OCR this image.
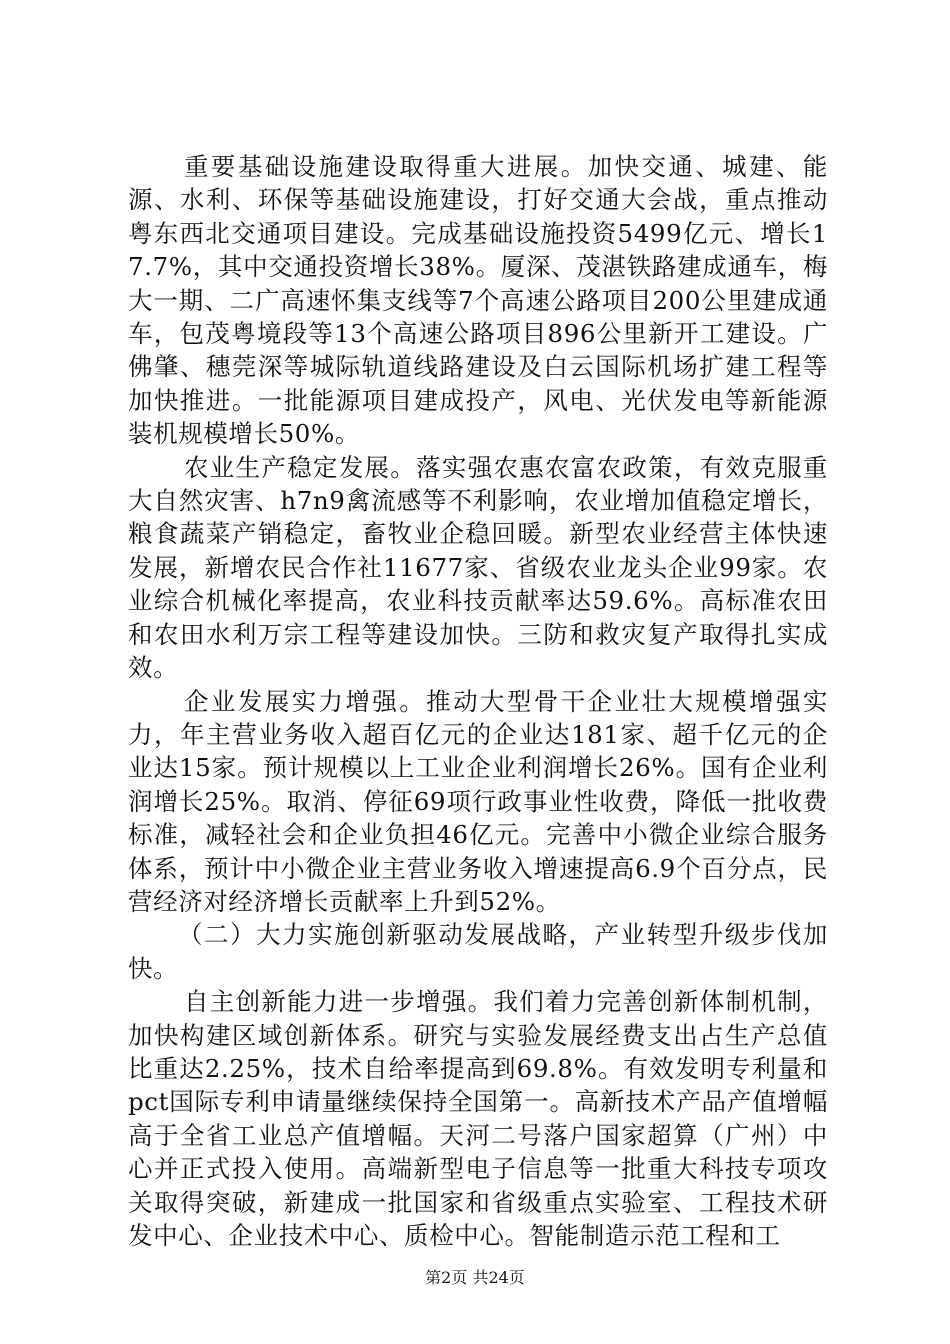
重要基础设施建设取得重大进展。加快交通、城建、能源、水利、环保等基础设施建设，打好交通大会战，重点推动粤东西北交通项目建设。完成基础设施投资5499亿元、增长17.7%，其中交通投资增长38%。厦深、茂湛铁路建成通车，梅大一期、二广高速怀集支线等7个高速公路项目200公里建成通车，包茂粤境段等13个高速公路项目896公里新开工建设。广佛肇、穗莞深等城际轨道线路建设及白云国际机场扩建工程等加快推进。一批能源项目建成投产，风电、光伏发电等新能源装机规模增长50%。

农业生产稳定发展。落实强农惠农富农政策，有效克服重大自然灾害、h7n9禽流感等不利影响，农业增加值稳定增长，粮食蔬菜产销稳定，畜牧业企稳回暖。新型农业经营主体快速发展，新增农民合作社11677家、省级农业龙头企业99家。农业综合机械化率提高，农业科技贡献率达59.6%。高标准农田和农田水利万宗工程等建设加快。三防和救灾复产取得扎实成效。

企业发展实力增强。推动大型骨干企业壮大规模增强实力，年主营业务收入超百亿元的企业达181家、超千亿元的企业达15家。预计规模以上工业企业利润增长26%。国有企业利润增长25%。取消、停征69项行政事业性收费，降低一批收费标准，减轻社会和企业负担46亿元。完善中小微企业综合服务体系，预计中小微企业主营业务收入增速提高6.9个百分点，民营经济对经济增长贡献率上升到52%。

（二）大力实施创新驱动发展战略，产业转型升级步伐加快。

自主创新能力进一步增强。我们着力完善创新体制机制，加快构建区域创新体系。研究与实验发展经费支出占生产总值比重达2.25%，技术自给率提高到69.8%。有效发明专利量和pct国际专利申请量继续保持全国第一。高新技术产品产值增幅高于全省工业总产值增幅。天河二号落户国家超算（广州）中心并正式投入使用。高端新型电子信息等一批重大科技专项攻关取得突破，新建成一批国家和省级重点实验室、工程技术研发中心、企业技术中心、质检中心。智能制造示范工程和工

第2页 共24页
